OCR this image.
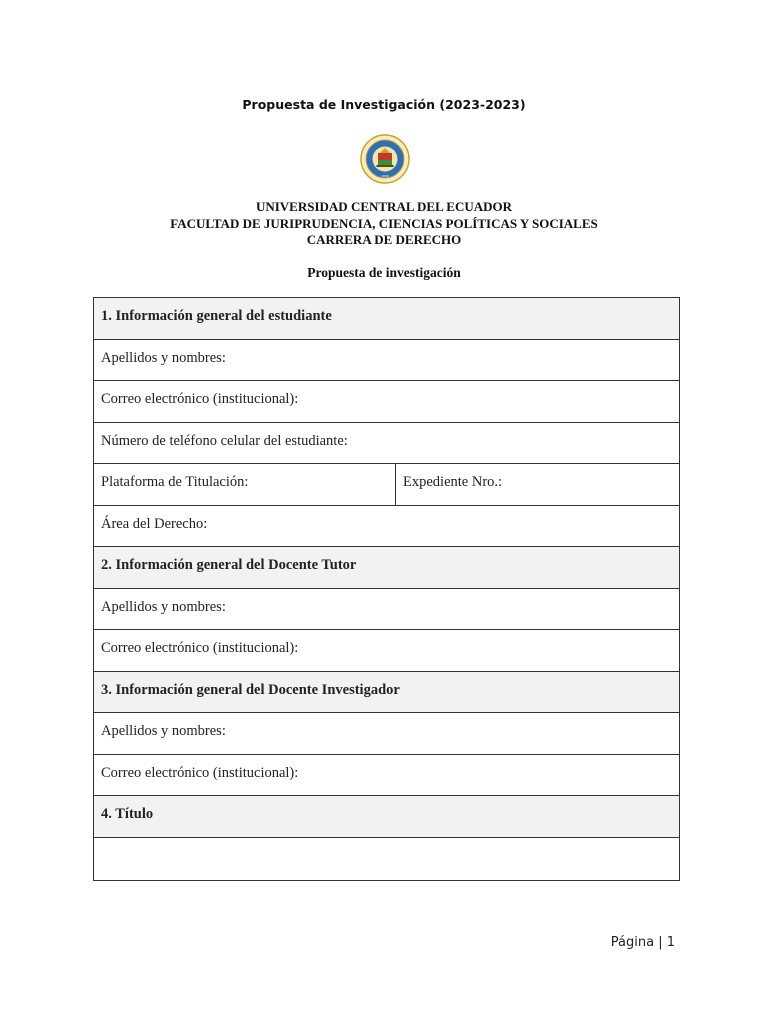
Propuesta de Investigación (2023-2023)
1826
UNIVERSIDAD CENTRAL DEL ECUADOR
FACULTAD DE JURIPRUDENCIA, CIENCIAS POLÍTICAS Y SOCIALES
CARRERA DE DERECHO
Propuesta de investigación
1. Información general del estudiante
Apellidos y nombres:
Correo electrónico (institucional):
Número de teléfono celular del estudiante:
Plataforma de Titulación:	Expediente Nro.:
Área del Derecho:
2. Información general del Docente Tutor
Apellidos y nombres:
Correo electrónico (institucional):
3. Información general del Docente Investigador
Apellidos y nombres:
Correo electrónico (institucional):
4. Título

Página | 1
